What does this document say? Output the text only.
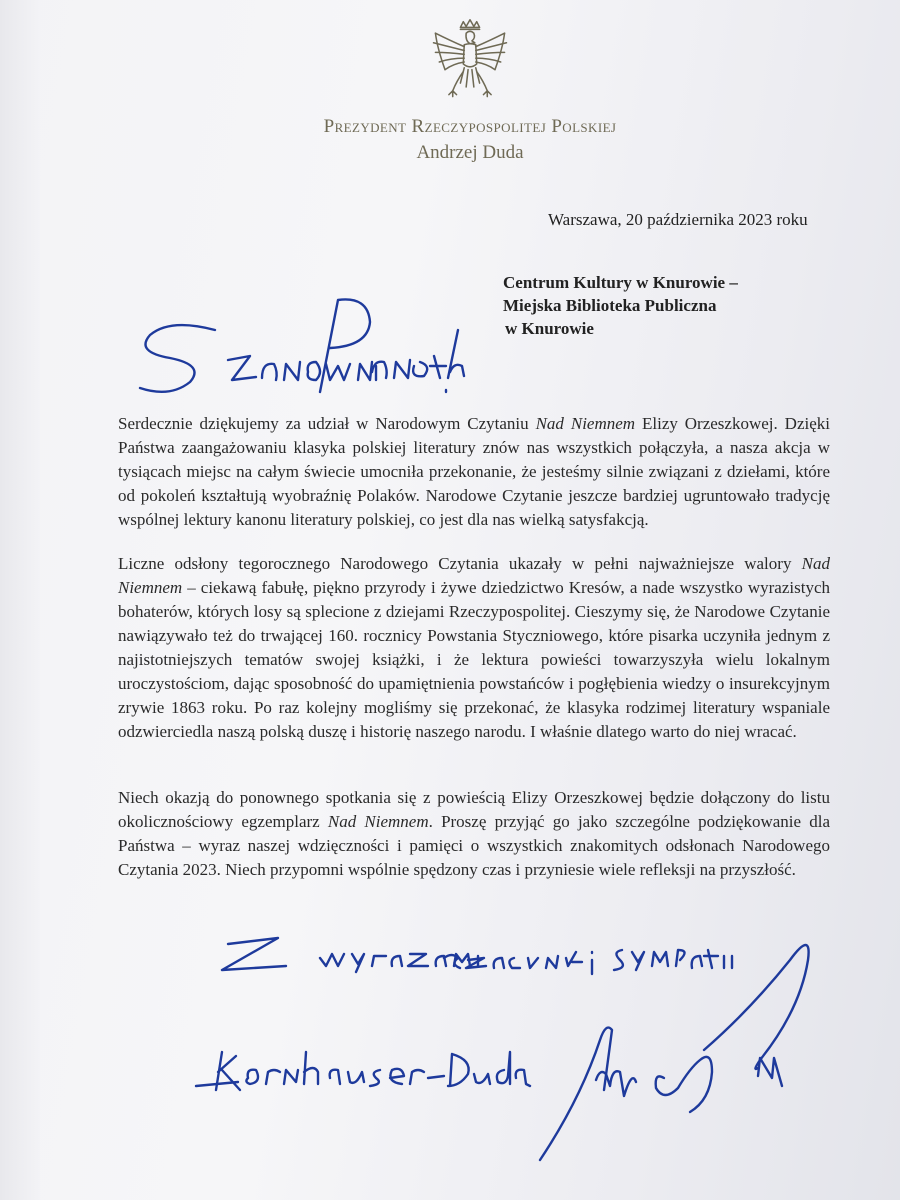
Prezydent Rzeczypospolitej Polskiej
Andrzej Duda
Warszawa, 20 października 2023 roku
Centrum Kultury w Knurowie –
Miejska Biblioteka Publiczna
w Knurowie
Serdecznie dziękujemy za udział w Narodowym Czytaniu Nad Niemnem Elizy Orzeszkowej. Dzięki Państwa zaangażowaniu klasyka polskiej literatury znów nas wszystkich połączyła, a nasza akcja w tysiącach miejsc na całym świecie umocniła przekonanie, że jesteśmy silnie związani z dziełami, które od pokoleń kształtują wyobraźnię Polaków. Narodowe Czytanie jeszcze bardziej ugruntowało tradycję wspólnej lektury kanonu literatury polskiej, co jest dla nas wielką satysfakcją.
Liczne odsłony tegorocznego Narodowego Czytania ukazały w pełni najważniejsze walory Nad Niemnem – ciekawą fabułę, piękno przyrody i żywe dziedzictwo Kresów, a nade wszystko wyrazistych bohaterów, których losy są splecione z dziejami Rzeczypospolitej. Cieszymy się, że Narodowe Czytanie nawiązywało też do trwającej 160. rocznicy Powstania Styczniowego, które pisarka uczyniła jednym z najistotniejszych tematów swojej książki, i że lektura powieści towarzyszyła wielu lokalnym uroczystościom, dając sposobność do upamiętnienia powstańców i pogłębienia wiedzy o insurekcyjnym zrywie 1863 roku. Po raz kolejny mogliśmy się przekonać, że klasyka rodzimej literatury wspaniale odzwierciedla naszą polską duszę i historię naszego narodu. I właśnie dlatego warto do niej wracać.
Niech okazją do ponownego spotkania się z powieścią Elizy Orzeszkowej będzie dołączony do listu okolicznościowy egzemplarz Nad Niemnem. Proszę przyjąć go jako szczególne podziękowanie dla Państwa – wyraz naszej wdzięczności i pamięci o wszystkich znakomitych odsłonach Narodowego Czytania 2023. Niech przypomni wspólnie spędzony czas i przyniesie wiele refleksji na przyszłość.
